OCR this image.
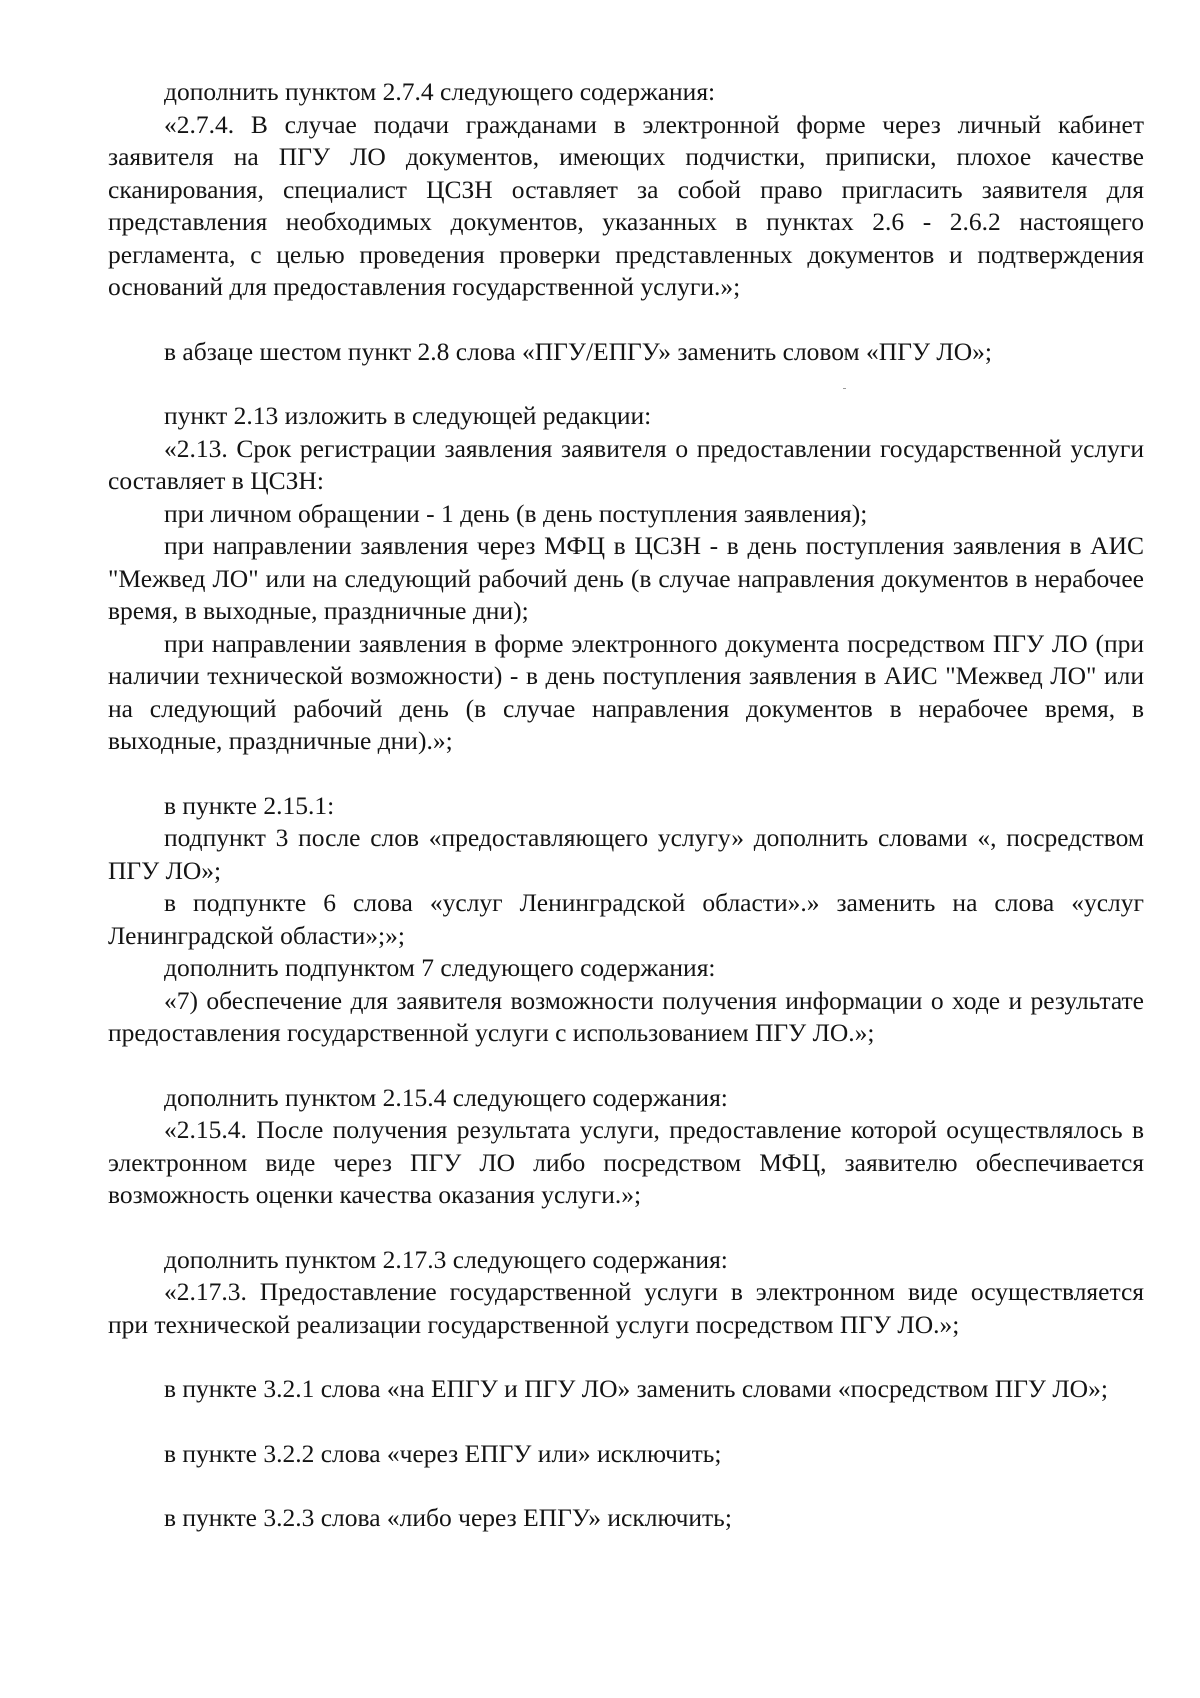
дополнить пунктом 2.7.4 следующего содержания:

«2.7.4. В случае подачи гражданами в электронной форме через личный кабинет заявителя на ПГУ ЛО документов, имеющих подчистки, приписки, плохое качестве сканирования, специалист ЦСЗН оставляет за собой право пригласить заявителя для представления необходимых документов, указанных в пунктах 2.6 - 2.6.2 настоящего регламента, с целью проведения проверки представленных документов и подтверждения оснований для предоставления государственной услуги.»;

в абзаце шестом пункт 2.8 слова «ПГУ/ЕПГУ» заменить словом «ПГУ ЛО»;

пункт 2.13 изложить в следующей редакции:

«2.13. Срок регистрации заявления заявителя о предоставлении государственной услуги составляет в ЦСЗН:

при личном обращении - 1 день (в день поступления заявления);

при направлении заявления через МФЦ в ЦСЗН - в день поступления заявления в АИС "Межвед ЛО" или на следующий рабочий день (в случае направления документов в нерабочее время, в выходные, праздничные дни);

при направлении заявления в форме электронного документа посредством ПГУ ЛО (при наличии технической возможности) - в день поступления заявления в АИС "Межвед ЛО" или на следующий рабочий день (в случае направления документов в нерабочее время, в выходные, праздничные дни).»;

в пункте 2.15.1:

подпункт 3 после слов «предоставляющего услугу» дополнить словами «, посредством ПГУ ЛО»;

в подпункте 6 слова «услуг Ленинградской области».» заменить на слова «услуг Ленинградской области»;»;

дополнить подпунктом 7 следующего содержания:

«7) обеспечение для заявителя возможности получения информации о ходе и результате предоставления государственной услуги с использованием ПГУ ЛО.»;

дополнить пунктом 2.15.4 следующего содержания:

«2.15.4. После получения результата услуги, предоставление которой осуществлялось в электронном виде через ПГУ ЛО либо посредством МФЦ, заявителю обеспечивается возможность оценки качества оказания услуги.»;

дополнить пунктом 2.17.3 следующего содержания:

«2.17.3. Предоставление государственной услуги в электронном виде осуществляется при технической реализации государственной услуги посредством ПГУ ЛО.»;

в пункте 3.2.1 слова «на ЕПГУ и ПГУ ЛО» заменить словами «посредством ПГУ ЛО»;

в пункте 3.2.2 слова «через ЕПГУ или» исключить;

в пункте 3.2.3 слова «либо через ЕПГУ» исключить;
